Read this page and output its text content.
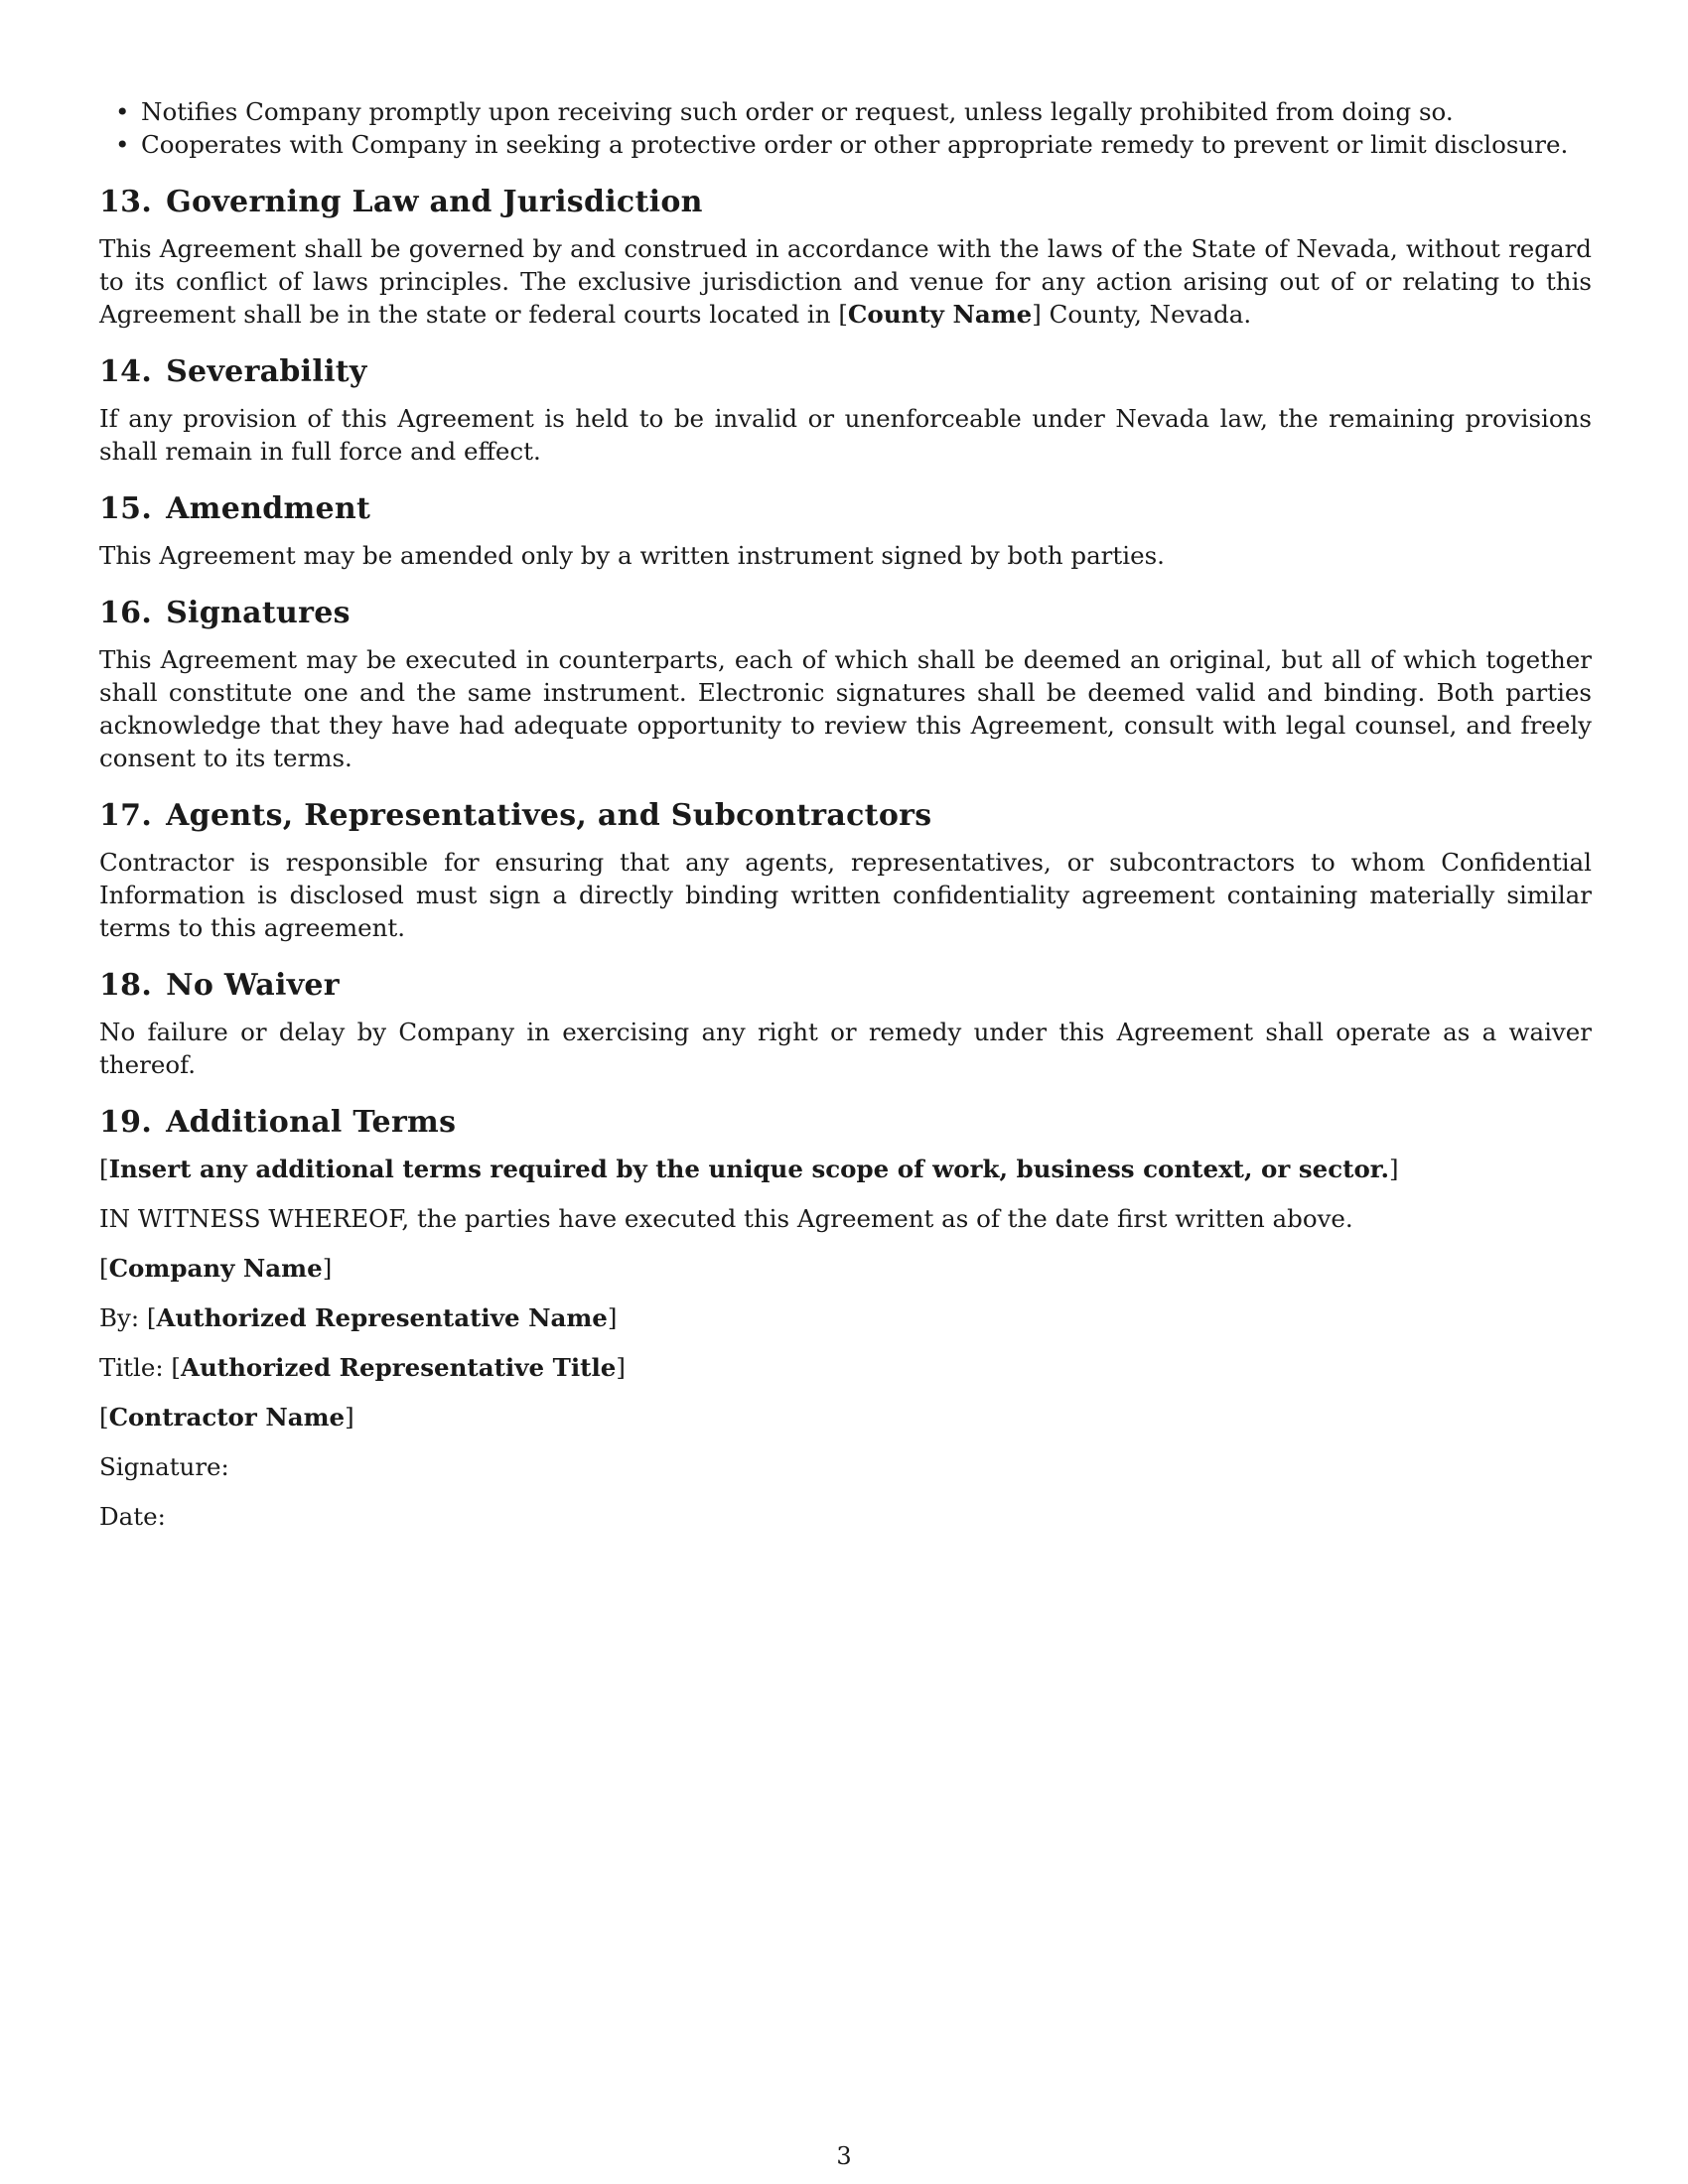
• Notifies Company promptly upon receiving such order or request, unless legally prohibited from doing so.
• Cooperates with Company in seeking a protective order or other appropriate remedy to prevent or limit disclosure.
13. Governing Law and Jurisdiction

This Agreement shall be governed by and construed in accordance with the laws of the State of Nevada, without regard to its conflict of laws principles. The exclusive jurisdiction and venue for any action arising out of or relating to this Agreement shall be in the state or federal courts located in [County Name] County, Nevada.

14. Severability

If any provision of this Agreement is held to be invalid or unenforceable under Nevada law, the remaining provisions shall remain in full force and effect.

15. Amendment

This Agreement may be amended only by a written instrument signed by both parties.

16. Signatures

This Agreement may be executed in counterparts, each of which shall be deemed an original, but all of which together shall constitute one and the same instrument. Electronic signatures shall be deemed valid and binding. Both parties acknowledge that they have had adequate opportunity to review this Agreement, consult with legal counsel, and freely consent to its terms.

17. Agents, Representatives, and Subcontractors

Contractor is responsible for ensuring that any agents, representatives, or subcontractors to whom Confidential Information is disclosed must sign a directly binding written confidentiality agreement containing materially similar terms to this agreement.

18. No Waiver

No failure or delay by Company in exercising any right or remedy under this Agreement shall operate as a waiver thereof.

19. Additional Terms

[Insert any additional terms required by the unique scope of work, business context, or sector.]

IN WITNESS WHEREOF, the parties have executed this Agreement as of the date first written above.

[Company Name]

By: [Authorized Representative Name]

Title: [Authorized Representative Title]

[Contractor Name]

Signature:

Date:

3
